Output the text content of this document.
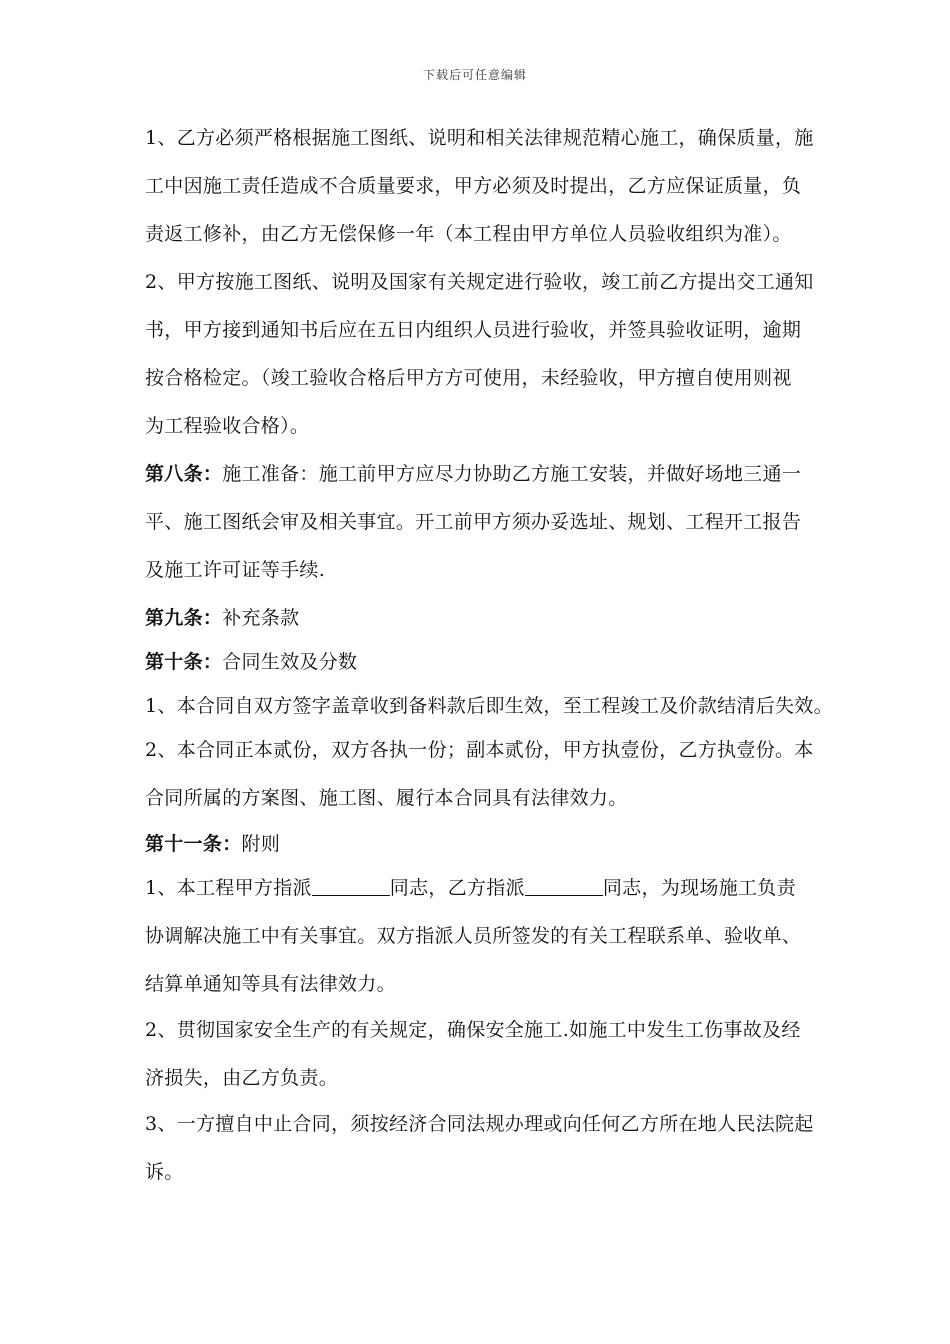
下载后可任意编辑
1、乙方必须严格根据施工图纸、说明和相关法律规范精心施工，确保质量，施
工中因施工责任造成不合质量要求，甲方必须及时提出，乙方应保证质量，负
责返工修补，由乙方无偿保修一年（本工程由甲方单位人员验收组织为准）。
2、甲方按施工图纸、说明及国家有关规定进行验收，竣工前乙方提出交工通知
书，甲方接到通知书后应在五日内组织人员进行验收，并签具验收证明，逾期
按合格检定。（竣工验收合格后甲方方可使用，未经验收，甲方擅自使用则视
为工程验收合格）。
第八条：施工准备：施工前甲方应尽力协助乙方施工安装，并做好场地三通一
平、施工图纸会审及相关事宜。开工前甲方须办妥选址、规划、工程开工报告
及施工许可证等手续.
第九条：补充条款
第十条：合同生效及分数
1、本合同自双方签字盖章收到备料款后即生效，至工程竣工及价款结清后失效。
2、本合同正本贰份，双方各执一份；副本贰份，甲方执壹份，乙方执壹份。本
合同所属的方案图、施工图、履行本合同具有法律效力。
第十一条：附则
1、本工程甲方指派	同志，乙方指派	同志，为现场施工负责
协调解决施工中有关事宜。双方指派人员所签发的有关工程联系单、验收单、
结算单通知等具有法律效力。
2、贯彻国家安全生产的有关规定，确保安全施工.如施工中发生工伤事故及经
济损失，由乙方负责。
3、一方擅自中止合同，须按经济合同法规办理或向任何乙方所在地人民法院起
诉。
